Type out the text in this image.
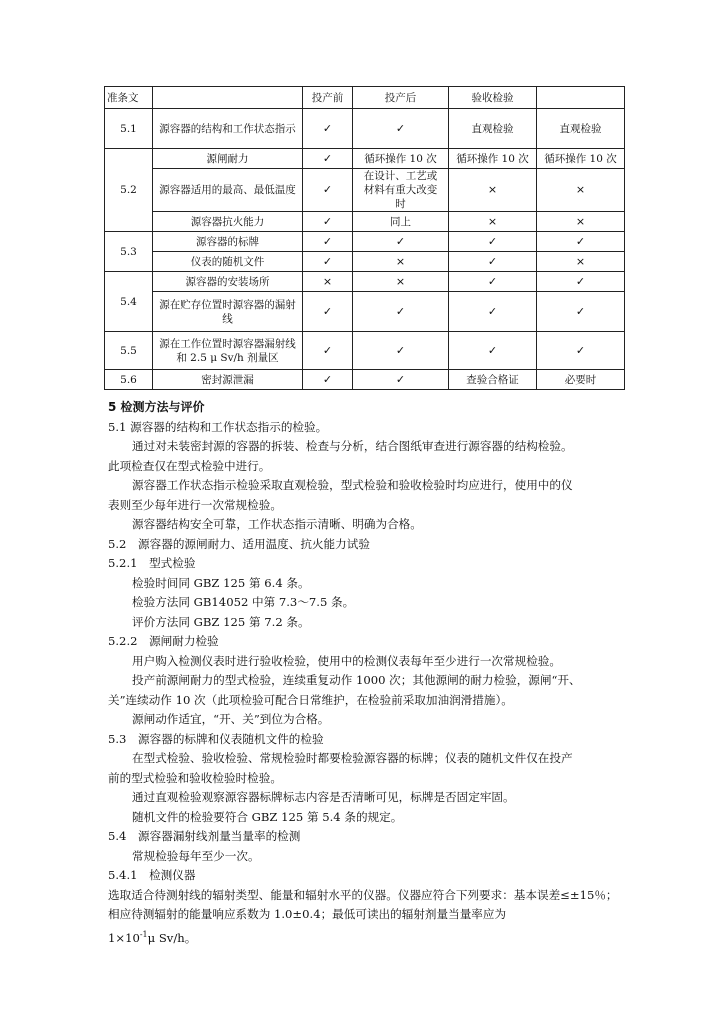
准条文		投产前	投产后	验收检验	
5.1	源容器的结构和工作状态指示	✓	✓	直观检验	直观检验
5.2	源闸耐力	✓	循环操作 10 次	循环操作 10 次	循环操作 10 次
	源容器适用的最高、最低温度	✓	在设计、工艺或材料有重大改变时	×	×
	源容器抗火能力	✓	同上	×	×
5.3	源容器的标牌	✓	✓	✓	✓
	仪表的随机文件	✓	×	✓	×
5.4	源容器的安装场所	×	×	✓	✓
	源在贮存位置时源容器的漏射线	✓	✓	✓	✓
5.5	源在工作位置时源容器漏射线和 2.5 μ Sv/h 剂量区	✓	✓	✓	✓
5.6	密封源泄漏	✓	✓	查验合格证	必要时

5 检测方法与评价

5.1 源容器的结构和工作状态指示的检验。

通过对未装密封源的容器的拆装、检查与分析，结合图纸审查进行源容器的结构检验。

此项检查仅在型式检验中进行。

源容器工作状态指示检验采取直观检验，型式检验和验收检验时均应进行，使用中的仪

表则至少每年进行一次常规检验。

源容器结构安全可靠，工作状态指示清晰、明确为合格。

5.2　源容器的源闸耐力、适用温度、抗火能力试验

5.2.1　型式检验

检验时间同 GBZ 125 第 6.4 条。

检验方法同 GB14052 中第 7.3～7.5 条。

评价方法同 GBZ 125 第 7.2 条。

5.2.2　源闸耐力检验

用户购入检测仪表时进行验收检验，使用中的检测仪表每年至少进行一次常规检验。

投产前源闸耐力的型式检验，连续重复动作 1000 次；其他源闸的耐力检验，源闸“开、

关”连续动作 10 次（此项检验可配合日常维护，在检验前采取加油润滑措施）。

源闸动作适宜，“开、关”到位为合格。

5.3　源容器的标牌和仪表随机文件的检验

在型式检验、验收检验、常规检验时都要检验源容器的标牌；仪表的随机文件仅在投产

前的型式检验和验收检验时检验。

通过直观检验观察源容器标牌标志内容是否清晰可见，标牌是否固定牢固。

随机文件的检验要符合 GBZ 125 第 5.4 条的规定。

5.4　源容器漏射线剂量当量率的检测

常规检验每年至少一次。

5.4.1　检测仪器

选取适合待测射线的辐射类型、能量和辐射水平的仪器。仪器应符合下列要求：基本误差≤±15％；相应待测辐射的能量响应系数为 1.0±0.4；最低可读出的辐射剂量当量率应为

$1\times 10^{-1}\mu$ Sv/h。
